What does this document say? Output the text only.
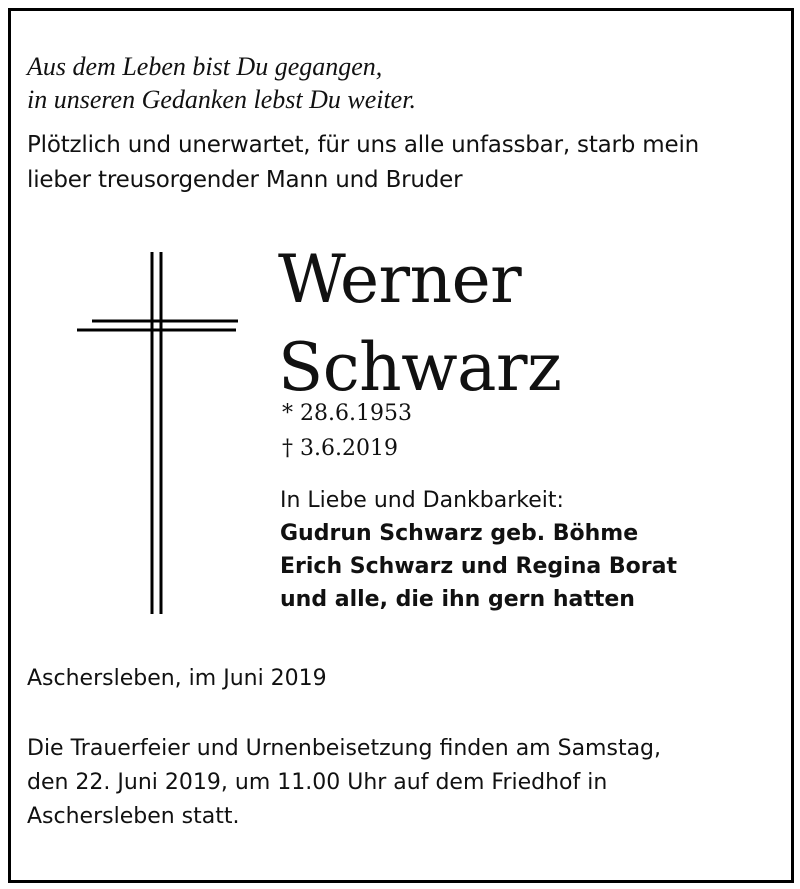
Aus dem Leben bist Du gegangen,
in unseren Gedanken lebst Du weiter.
Plötzlich und unerwartet, für uns alle unfassbar, starb mein
lieber treusorgender Mann und Bruder
Werner
Schwarz
* 28.6.1953
† 3.6.2019
In Liebe und Dankbarkeit:
Gudrun Schwarz geb. Böhme
Erich Schwarz und Regina Borat
und alle, die ihn gern hatten
Aschersleben, im Juni 2019
Die Trauerfeier und Urnenbeisetzung finden am Samstag,
den 22. Juni 2019, um 11.00 Uhr auf dem Friedhof in
Aschersleben statt.
